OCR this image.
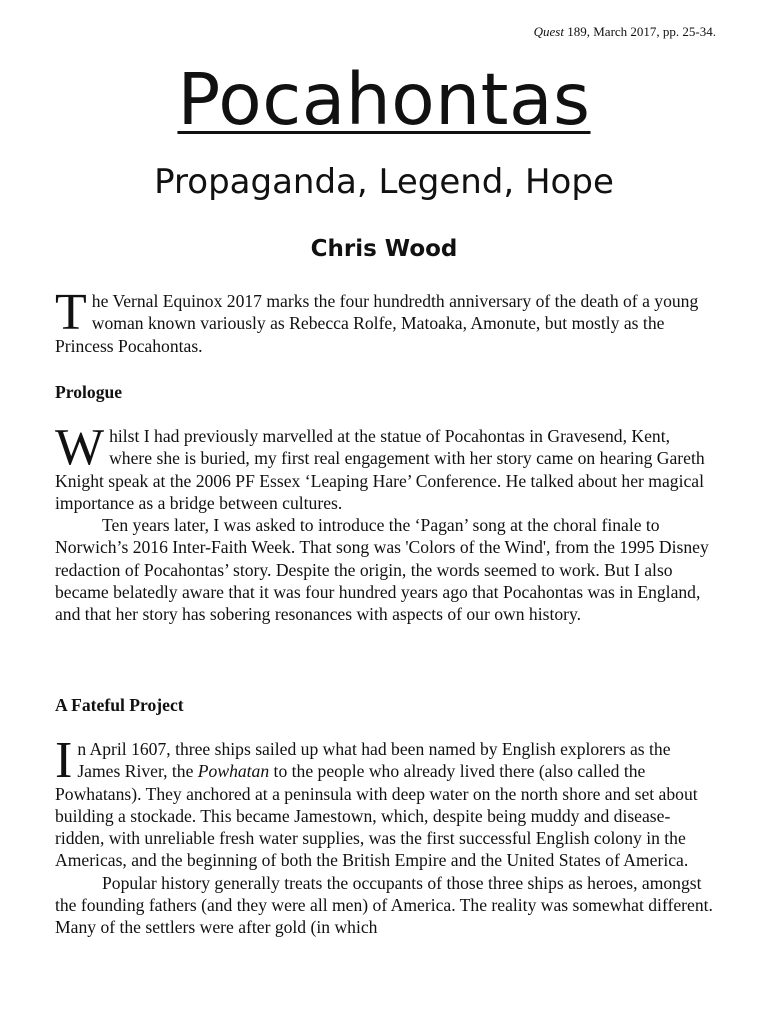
Quest 189, March 2017, pp. 25-34.
Pocahontas
Propaganda, Legend, Hope
Chris Wood

The Vernal Equinox 2017 marks the four hundredth anniversary of the death of a young woman known variously as Rebecca Rolfe, Matoaka, Amonute, but mostly as the Princess Pocahontas.

Prologue

Whilst I had previously marvelled at the statue of Pocahontas in Gravesend, Kent, where she is buried, my first real engagement with her story came on hearing Gareth Knight speak at the 2006 PF Essex ‘Leaping Hare’ Conference. He talked about her magical importance as a bridge between cultures.

Ten years later, I was asked to introduce the ‘Pagan’ song at the choral finale to Norwich’s 2016 Inter-Faith Week. That song was 'Colors of the Wind', from the 1995 Disney redaction of Pocahontas’ story. Despite the origin, the words seemed to work. But I also became belatedly aware that it was four hundred years ago that Pocahontas was in England, and that her story has sobering resonances with aspects of our own history.

A Fateful Project

In April 1607, three ships sailed up what had been named by English explorers as the James River, the Powhatan to the people who already lived there (also called the Powhatans). They anchored at a peninsula with deep water on the north shore and set about building a stockade. This became Jamestown, which, despite being muddy and disease-ridden, with unreliable fresh water supplies, was the first successful English colony in the Americas, and the beginning of both the British Empire and the United States of America.

Popular history generally treats the occupants of those three ships as heroes, amongst the founding fathers (and they were all men) of America. The reality was somewhat different. Many of the settlers were after gold (in which
